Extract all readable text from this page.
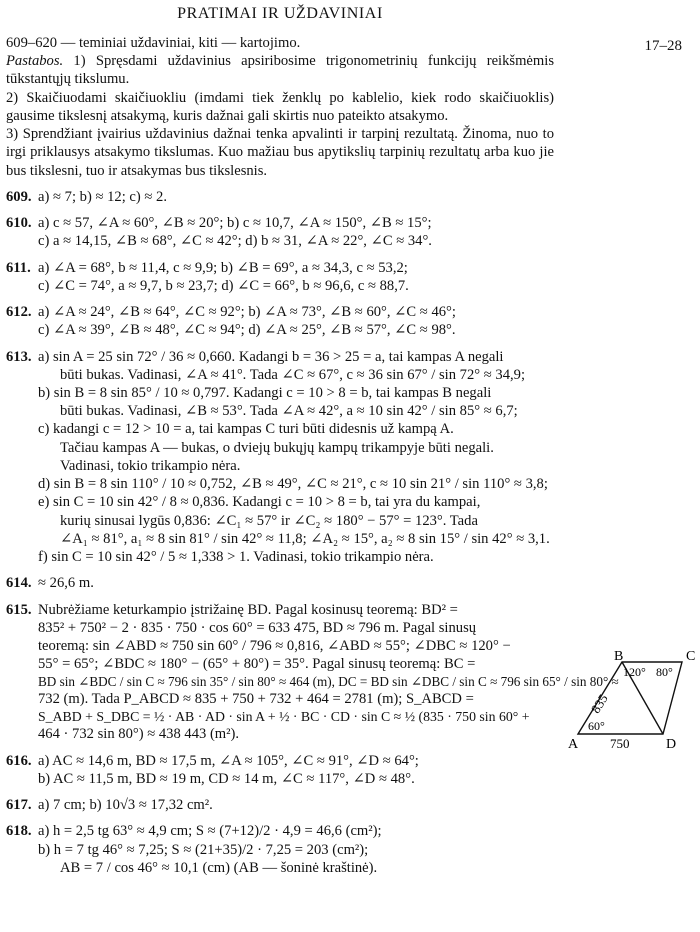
PRATIMAI IR UŽDAVINIAI
17–28

609–620 — teminiai uždaviniai, kiti — kartojimo.

Pastabos. 1) Spręsdami uždavinius apsiribosime trigonometrinių funkcijų reikšmėmis tūkstantųjų tikslumu.

2) Skaičiuodami skaičiuokliu (imdami tiek ženklų po kablelio, kiek rodo skaičiuoklis) gausime tikslesnį atsakymą, kuris dažnai gali skirtis nuo pateikto atsakymo.

3) Sprendžiant įvairius uždavinius dažnai tenka apvalinti ir tarpinį rezultatą. Žinoma, nuo to irgi priklausys atsakymo tikslumas. Kuo mažiau bus apytikslių tarpinių rezultatų arba kuo jie bus tikslesni, tuo ir atsakymas bus tikslesnis.

609. a) ≈ 7; b) ≈ 12; c) ≈ 2.
610. a) c ≈ 57, ∠A ≈ 60°, ∠B ≈ 20°; b) c ≈ 10,7, ∠A ≈ 150°, ∠B ≈ 15°;
c) a ≈ 14,15, ∠B ≈ 68°, ∠C ≈ 42°; d) b ≈ 31, ∠A ≈ 22°, ∠C ≈ 34°.
611. a) ∠A = 68°, b ≈ 11,4, c ≈ 9,9; b) ∠B = 69°, a ≈ 34,3, c ≈ 53,2;
c) ∠C = 74°, a ≈ 9,7, b ≈ 23,7; d) ∠C = 66°, b ≈ 96,6, c ≈ 88,7.
612. a) ∠A ≈ 24°, ∠B ≈ 64°, ∠C ≈ 92°; b) ∠A ≈ 73°, ∠B ≈ 60°, ∠C ≈ 46°;
c) ∠A ≈ 39°, ∠B ≈ 48°, ∠C ≈ 94°; d) ∠A ≈ 25°, ∠B ≈ 57°, ∠C ≈ 98°.
613. a) sin A = 25 sin 72° / 36 ≈ 0,660. Kadangi b = 36 > 25 = a, tai kampas A negali
būti bukas. Vadinasi, ∠A ≈ 41°. Tada ∠C ≈ 67°, c ≈ 36 sin 67° / sin 72° ≈ 34,9;
b) sin B = 8 sin 85° / 10 ≈ 0,797. Kadangi c = 10 > 8 = b, tai kampas B negali
būti bukas. Vadinasi, ∠B ≈ 53°. Tada ∠A ≈ 42°, a ≈ 10 sin 42° / sin 85° ≈ 6,7;
c) kadangi c = 12 > 10 = a, tai kampas C turi būti didesnis už kampą A.
Tačiau kampas A — bukas, o dviejų bukųjų kampų trikampyje būti negali.
Vadinasi, tokio trikampio nėra.
d) sin B = 8 sin 110° / 10 ≈ 0,752, ∠B ≈ 49°, ∠C ≈ 21°, c ≈ 10 sin 21° / sin 110° ≈ 3,8;
e) sin C = 10 sin 42° / 8 ≈ 0,836. Kadangi c = 10 > 8 = b, tai yra du kampai,
kurių sinusai lygūs 0,836: ∠C₁ ≈ 57° ir ∠C₂ ≈ 180° − 57° = 123°. Tada
∠A₁ ≈ 81°, a₁ ≈ 8 sin 81° / sin 42° ≈ 11,8; ∠A₂ ≈ 15°, a₂ ≈ 8 sin 15° / sin 42° ≈ 3,1.
f) sin C = 10 sin 42° / 5 ≈ 1,338 > 1. Vadinasi, tokio trikampio nėra.
614. ≈ 26,6 m.
615. Nubrėžiame keturkampio įstrižainę BD. Pagal kosinusų teoremą: BD² =
835² + 750² − 2 · 835 · 750 · cos 60° = 633 475, BD ≈ 796 m. Pagal sinusų
teoremą: sin ∠ABD ≈ 750 sin 60° / 796 ≈ 0,816, ∠ABD ≈ 55°; ∠DBC ≈ 120° −
55° = 65°; ∠BDC ≈ 180° − (65° + 80°) = 35°. Pagal sinusų teoremą: BC =
BD sin ∠BDC / sin C ≈ 796 sin 35° / sin 80° ≈ 464 (m), DC = BD sin ∠DBC / sin C ≈ 796 sin 65° / sin 80° ≈
732 (m). Tada P_ABCD ≈ 835 + 750 + 732 + 464 = 2781 (m); S_ABCD =
S_ABD + S_DBC = ½ · AB · AD · sin A + ½ · BC · CD · sin C ≈ ½ (835 · 750 sin 60° +
464 · 732 sin 80°) ≈ 438 443 (m²).
616. a) AC ≈ 14,6 m, BD ≈ 17,5 m, ∠A ≈ 105°, ∠C ≈ 91°, ∠D ≈ 64°;
b) AC ≈ 11,5 m, BD ≈ 19 m, CD ≈ 14 m, ∠C ≈ 117°, ∠D ≈ 48°.
617. a) 7 cm; b) 10√3 ≈ 17,32 cm².
618. a) h = 2,5 tg 63° ≈ 4,9 cm; S ≈ (7+12)/2 · 4,9 = 46,6 (cm²);
b) h = 7 tg 46° ≈ 7,25; S ≈ (21+35)/2 · 7,25 = 203 (cm²);
AB = 7 / cos 46° ≈ 10,1 (cm) (AB — šoninė kraštinė).
B	C
A	D
835
750
60°
120° 80°
